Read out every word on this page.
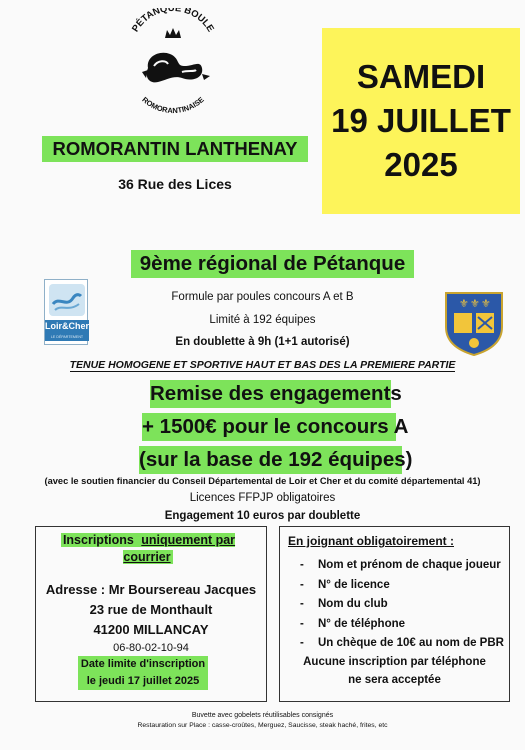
PÉTANQUE BOULE
ROMORANTINAISE
SAMEDI
19 JUILLET
2025
ROMORANTIN LANTHENAY
36 Rue des Lices
9ème régional de Pétanque
Formule par poules concours A et B
Limité à 192 équipes
En doublette à 9h (1+1 autorisé)
Loir&Cher
LE DÉPARTEMENT
⚜ ⚜ ⚜
TENUE HOMOGENE ET SPORTIVE HAUT ET BAS DES LA PREMIERE PARTIE
Remise des engagements
+ 1500€ pour le concours A
(sur la base de 192 équipes)
(avec le soutien financier du Conseil Départemental de Loir et Cher et du comité départemental 41)
Licences FFPJP obligatoires
Engagement 10 euros par doublette
Inscriptions uniquement par courrier
Adresse : Mr Boursereau Jacques
23 rue de Monthault
41200 MILLANCAY
06-80-02-10-94
Date limite d'inscription
le jeudi 17 juillet 2025
En joignant obligatoirement :
- Nom et prénom de chaque joueur
- N° de licence
- Nom du club
- N° de téléphone
- Un chèque de 10€ au nom de PBR
Aucune inscription par téléphone
ne sera acceptée
Buvette avec gobelets réutilisables consignés
Restauration sur Place : casse-croûtes, Merguez, Saucisse, steak haché, frites, etc
